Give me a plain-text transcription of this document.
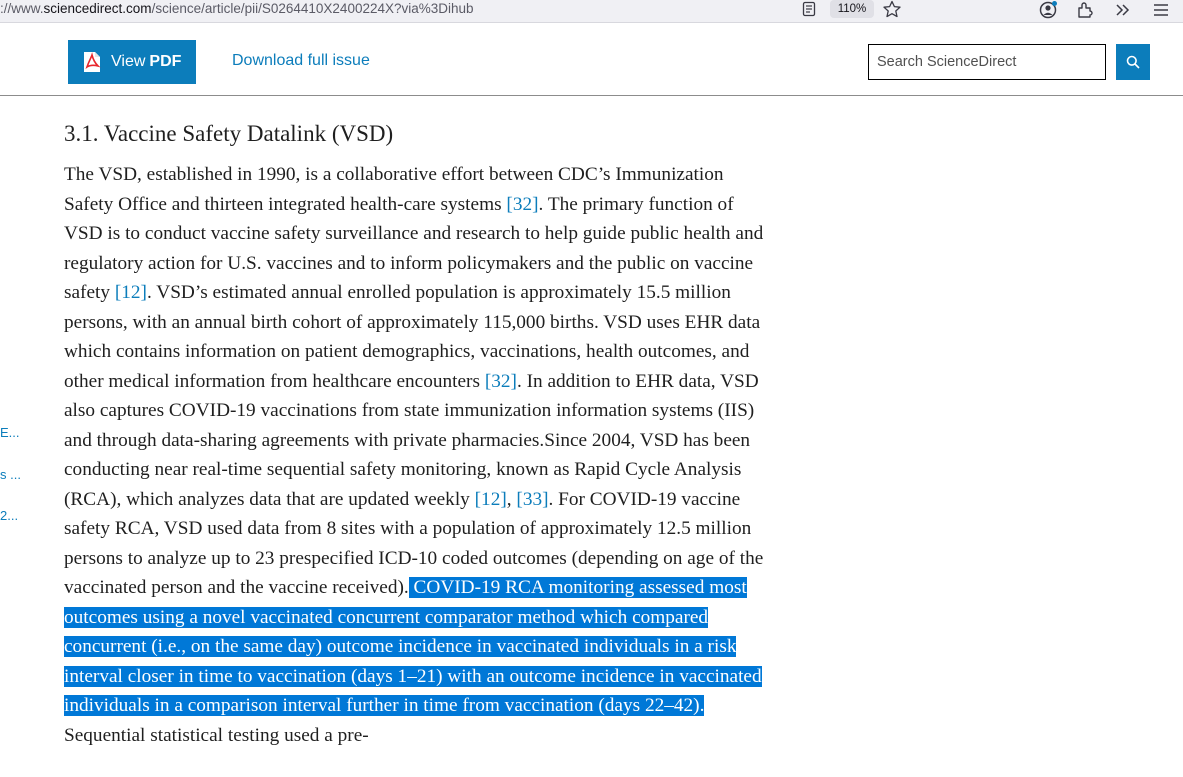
://www.sciencedirect.com/science/article/pii/S0264410X2400224X?via%3Dihub	110%
View PDF	Download full issue
Search ScienceDirect
E...
s ...
2...
3.1. Vaccine Safety Datalink (VSD)

The VSD, established in 1990, is a collaborative effort between CDC’s Immunization Safety Office and thirteen integrated health-care systems [32]. The primary function of VSD is to conduct vaccine safety surveillance and research to help guide public health and regulatory action for U.S. vaccines and to inform policymakers and the public on vaccine safety [12]. VSD’s estimated annual enrolled population is approximately 15.5 million persons, with an annual birth cohort of approximately 115,000 births. VSD uses EHR data which contains information on patient demographics, vaccinations, health outcomes, and other medical information from healthcare encounters [32]. In addition to EHR data, VSD also captures COVID-19 vaccinations from state immunization information systems (IIS) and through data-sharing agreements with private pharmacies.Since 2004, VSD has been conducting near real-time sequential safety monitoring, known as Rapid Cycle Analysis (RCA), which analyzes data that are updated weekly [12], [33]. For COVID-19 vaccine safety RCA, VSD used data from 8 sites with a population of approximately 12.5 million persons to analyze up to 23 prespecified ICD-10 coded outcomes (depending on age of the vaccinated person and the vaccine received). COVID-19 RCA monitoring assessed most outcomes using a novel vaccinated concurrent comparator method which compared concurrent (i.e., on the same day) outcome incidence in vaccinated individuals in a risk interval closer in time to vaccination (days 1–21) with an outcome incidence in vaccinated individuals in a comparison interval further in time from vaccination (days 22–42). Sequential statistical testing used a pre-
